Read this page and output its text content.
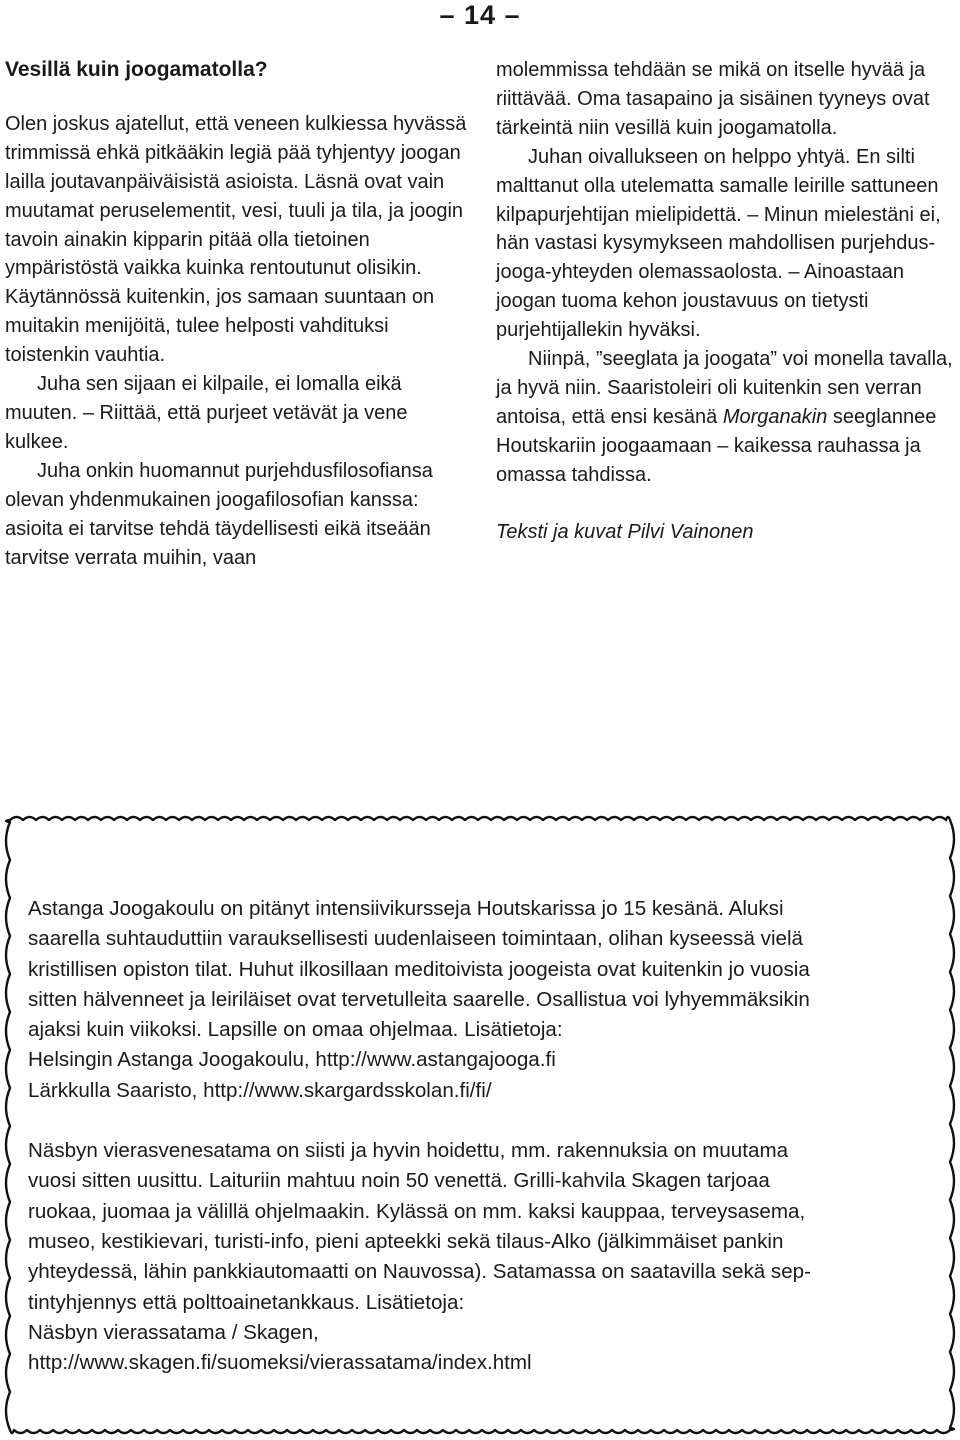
– 14 –

Vesillä kuin joogamatolla?

Olen joskus ajatellut, että veneen kulkiessa hyvässä trimmissä ehkä pitkääkin legiä pää tyhjentyy joogan lailla joutavanpäiväisistä asioista. Läsnä ovat vain muutamat peruselementit, vesi, tuuli ja tila, ja joogin tavoin ainakin kipparin pitää olla tietoinen ympäristöstä vaikka kuinka rentoutunut olisikin. Käytännössä kuitenkin, jos samaan suuntaan on muitakin menijöitä, tulee helposti vahdituksi toistenkin vauhtia.

Juha sen sijaan ei kilpaile, ei lomalla eikä muuten. – Riittää, että purjeet vetävät ja vene kulkee.

Juha onkin huomannut purjehdusfilosofiansa olevan yhdenmukainen joogafilosofian kanssa: asioita ei tarvitse tehdä täydellisesti eikä itseään tarvitse verrata muihin, vaan

molemmissa tehdään se mikä on itselle hyvää ja riittävää. Oma tasapaino ja sisäinen tyyneys ovat tärkeintä niin vesillä kuin joogamatolla.

Juhan oivallukseen on helppo yhtyä. En silti malttanut olla utelematta samalle leirille sattuneen kilpapurjehtijan mielipidettä. – Minun mielestäni ei, hän vastasi kysymykseen mahdollisen purjehdus-jooga-yhteyden olemassaolosta. – Ainoastaan joogan tuoma kehon joustavuus on tietysti purjehtijallekin hyväksi.

Niinpä, ”seeglata ja joogata” voi monella tavalla, ja hyvä niin. Saaristoleiri oli kuitenkin sen verran antoisa, että ensi kesänä Morganakin seeglannee Houtskariin joogaamaan – kaikessa rauhassa ja omassa tahdissa.

Teksti ja kuvat Pilvi Vainonen

Astanga Joogakoulu on pitänyt intensiivikursseja Houtskarissa jo 15 kesänä. Aluksi

saarella suhtauduttiin varauksellisesti uudenlaiseen toimintaan, olihan kyseessä vielä

kristillisen opiston tilat. Huhut ilkosillaan meditoivista joogeista ovat kuitenkin jo vuosia

sitten hälvenneet ja leiriläiset ovat tervetulleita saarelle. Osallistua voi lyhyemmäksikin

ajaksi kuin viikoksi. Lapsille on omaa ohjelmaa. Lisätietoja:

Helsingin Astanga Joogakoulu, http://www.astangajooga.fi

Lärkkulla Saaristo, http://www.skargardsskolan.fi/fi/

Näsbyn vierasvenesatama on siisti ja hyvin hoidettu, mm. rakennuksia on muutama

vuosi sitten uusittu. Laituriin mahtuu noin 50 venettä. Grilli-kahvila Skagen tarjoaa

ruokaa, juomaa ja välillä ohjelmaakin. Kylässä on mm. kaksi kauppaa, terveysasema,

museo, kestikievari, turisti-info, pieni apteekki sekä tilaus-Alko (jälkimmäiset pankin

yhteydessä, lähin pankkiautomaatti on Nauvossa). Satamassa on saatavilla sekä sep-

tintyhjennys että polttoainetankkaus. Lisätietoja:

Näsbyn vierassatama / Skagen,

http://www.skagen.fi/suomeksi/vierassatama/index.html
